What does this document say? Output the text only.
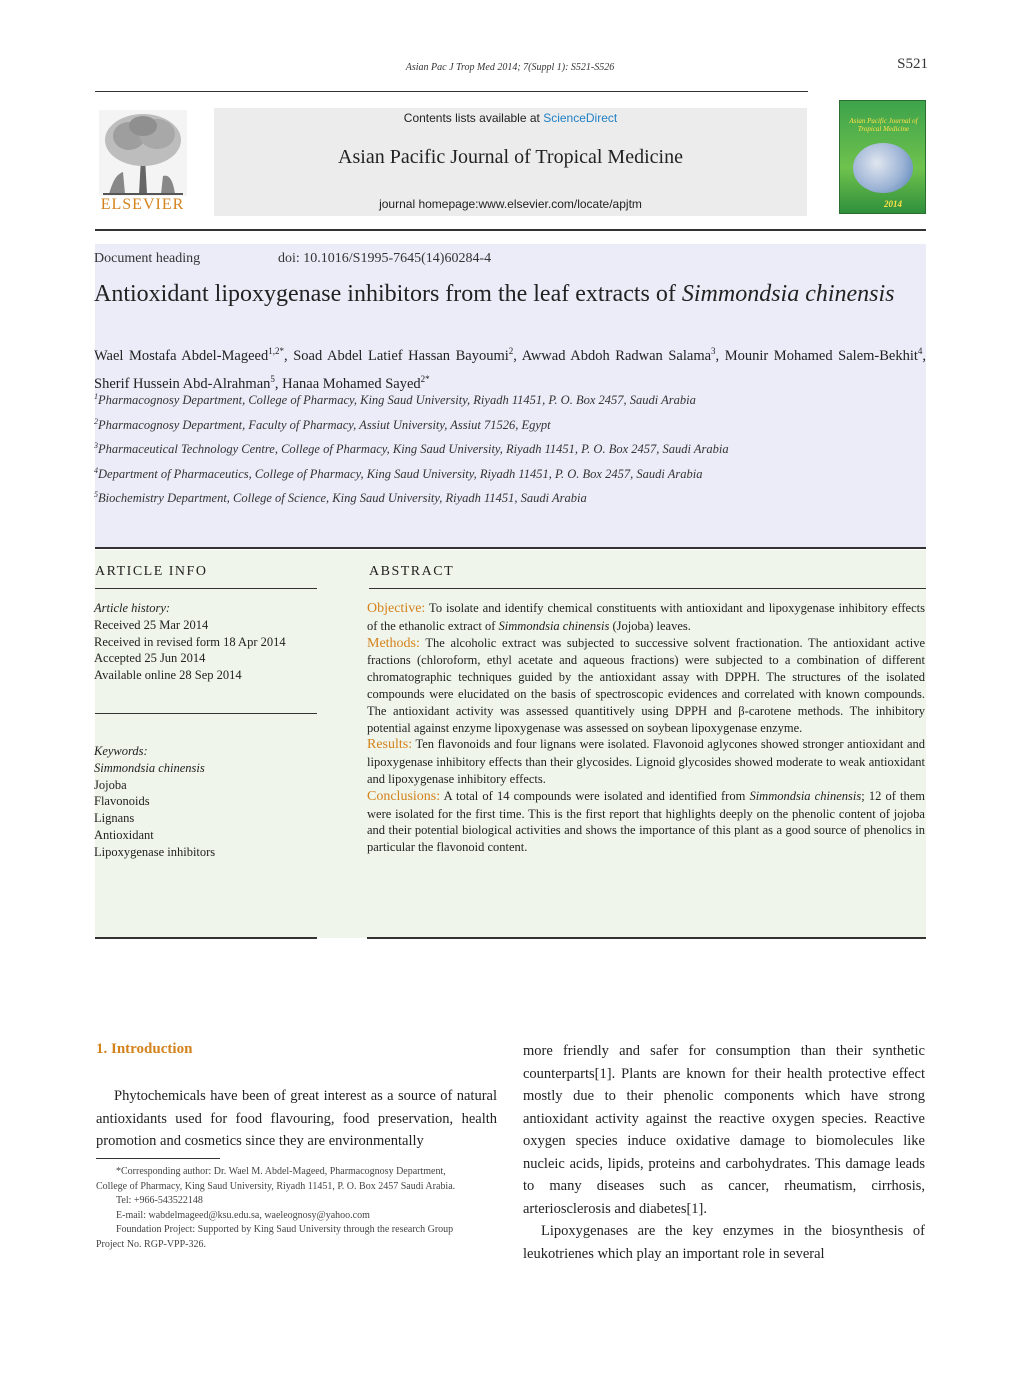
Asian Pac J Trop Med 2014; 7(Suppl 1): S521-S526	S521
ELSEVIER
Contents lists available at ScienceDirect
Asian Pacific Journal of Tropical Medicine
journal homepage:www.elsevier.com/locate/apjtm
Asian Pacific Journal of Tropical Medicine
2014
Document heading	doi: 10.1016/S1995-7645(14)60284-4
Antioxidant lipoxygenase inhibitors from the leaf extracts of Simmondsia chinensis
Wael Mostafa Abdel-Mageed$^{1,2*}$, Soad Abdel Latief Hassan Bayoumi$^2$, Awwad Abdoh Radwan Salama$^3$, Mounir Mohamed Salem-Bekhit$^4$, Sherif Hussein Abd-Alrahman$^5$, Hanaa Mohamed Sayed$^{2*}$
$^1$Pharmacognosy Department, College of Pharmacy, King Saud University, Riyadh 11451, P. O. Box 2457, Saudi Arabia
$^2$Pharmacognosy Department, Faculty of Pharmacy, Assiut University, Assiut 71526, Egypt
$^3$Pharmaceutical Technology Centre, College of Pharmacy, King Saud University, Riyadh 11451, P. O. Box 2457, Saudi Arabia
$^4$Department of Pharmaceutics, College of Pharmacy, King Saud University, Riyadh 11451, P. O. Box 2457, Saudi Arabia
$^5$Biochemistry Department, College of Science, King Saud University, Riyadh 11451, Saudi Arabia
ARTICLE INFO	ABSTRACT
Article history:
Received 25 Mar 2014
Received in revised form 18 Apr 2014
Accepted 25 Jun 2014
Available online 28 Sep 2014
Keywords:
Simmondsia chinensis
Jojoba
Flavonoids
Lignans
Antioxidant
Lipoxygenase inhibitors
Objective: To isolate and identify chemical constituents with antioxidant and lipoxygenase inhibitory effects of the ethanolic extract of Simmondsia chinensis (Jojoba) leaves.
Methods: The alcoholic extract was subjected to successive solvent fractionation. The antioxidant active fractions (chloroform, ethyl acetate and aqueous fractions) were subjected to a combination of different chromatographic techniques guided by the antioxidant assay with DPPH. The structures of the isolated compounds were elucidated on the basis of spectroscopic evidences and correlated with known compounds. The antioxidant activity was assessed quantitively using DPPH and β-carotene methods. The inhibitory potential against enzyme lipoxygenase was assessed on soybean lipoxygenase enzyme.
Results: Ten flavonoids and four lignans were isolated. Flavonoid aglycones showed stronger antioxidant and lipoxygenase inhibitory effects than their glycosides. Lignoid glycosides showed moderate to weak antioxidant and lipoxygenase inhibitory effects.
Conclusions: A total of 14 compounds were isolated and identified from Simmondsia chinensis; 12 of them were isolated for the first time. This is the first report that highlights deeply on the phenolic content of jojoba and their potential biological activities and shows the importance of this plant as a good source of phenolics in particular the flavonoid content.
1. Introduction
Phytochemicals have been of great interest as a source of natural antioxidants used for food flavouring, food preservation, health promotion and cosmetics since they are environmentally

*Corresponding author: Dr. Wael M. Abdel-Mageed, Pharmacognosy Department,

College of Pharmacy, King Saud University, Riyadh 11451, P. O. Box 2457 Saudi Arabia.

Tel: +966-543522148

E-mail: wabdelmageed@ksu.edu.sa, waeleognosy@yahoo.com

Foundation Project: Supported by King Saud University through the research Group

Project No. RGP-VPP-326.

more friendly and safer for consumption than their synthetic counterparts[1]. Plants are known for their health protective effect mostly due to their phenolic components which have strong antioxidant activity against the reactive oxygen species. Reactive oxygen species induce oxidative damage to biomolecules like nucleic acids, lipids, proteins and carbohydrates. This damage leads to many diseases such as cancer, rheumatism, cirrhosis, arteriosclerosis and diabetes[1].

Lipoxygenases are the key enzymes in the biosynthesis of leukotrienes which play an important role in several
